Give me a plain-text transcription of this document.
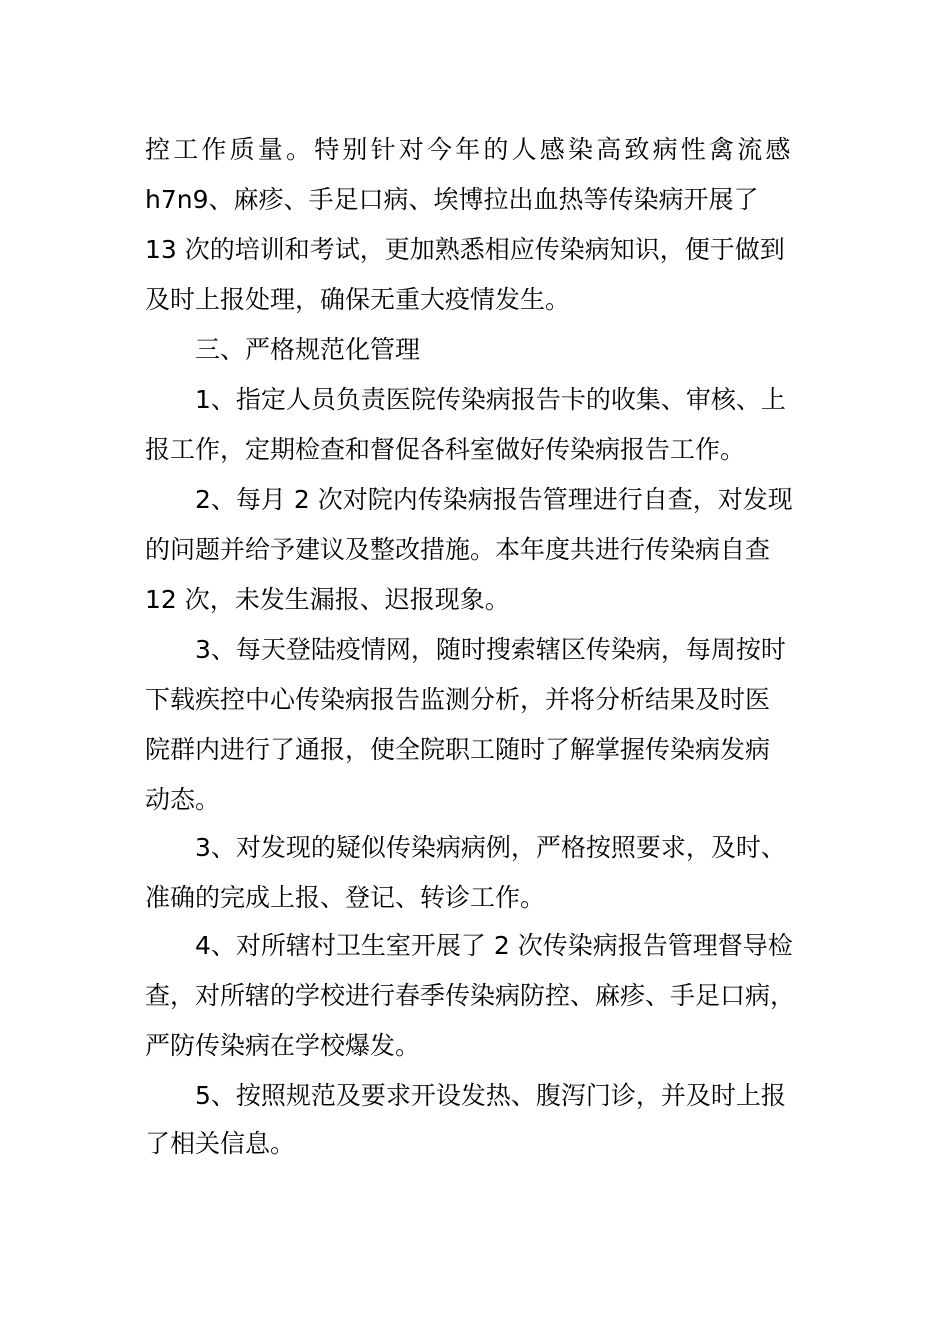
控工作质量。特别针对今年的人感染高致病性禽流感
h7n9、麻疹、手足口病、埃博拉出血热等传染病开展了
13 次的培训和考试，更加熟悉相应传染病知识，便于做到
及时上报处理，确保无重大疫情发生。
三、严格规范化管理
1、指定人员负责医院传染病报告卡的收集、审核、上
报工作，定期检查和督促各科室做好传染病报告工作。
2、每月 2 次对院内传染病报告管理进行自查，对发现
的问题并给予建议及整改措施。本年度共进行传染病自查
12 次，未发生漏报、迟报现象。
3、每天登陆疫情网，随时搜索辖区传染病，每周按时
下载疾控中心传染病报告监测分析，并将分析结果及时医
院群内进行了通报，使全院职工随时了解掌握传染病发病
动态。
3、对发现的疑似传染病病例，严格按照要求，及时、
准确的完成上报、登记、转诊工作。
4、对所辖村卫生室开展了 2 次传染病报告管理督导检
查，对所辖的学校进行春季传染病防控、麻疹、手足口病，
严防传染病在学校爆发。
5、按照规范及要求开设发热、腹泻门诊，并及时上报
了相关信息。
